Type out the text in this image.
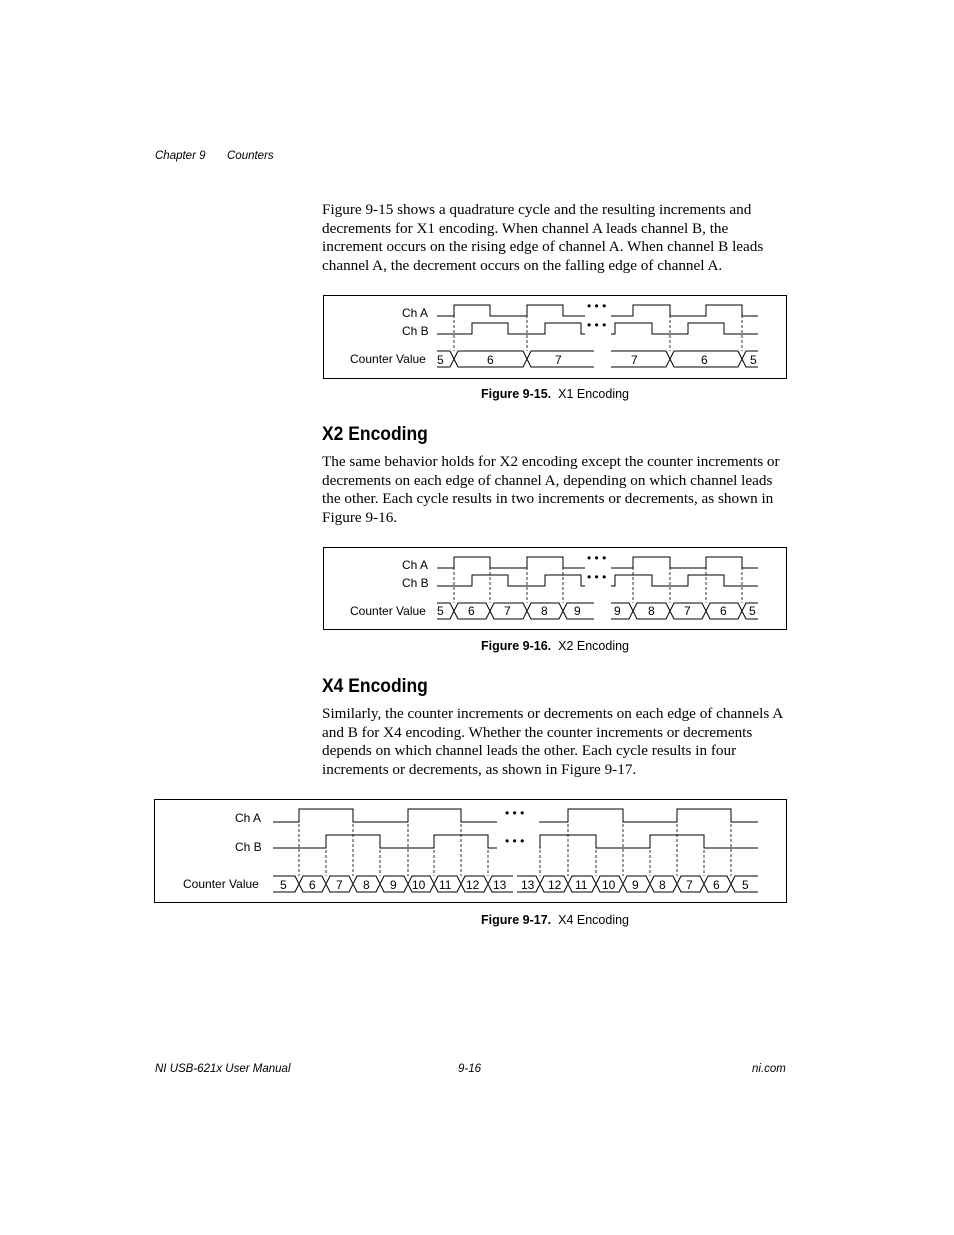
Chapter 9 Counters
Figure 9-15 shows a quadrature cycle and the resulting increments and decrements for X1 encoding. When channel A leads channel B, the increment occurs on the rising edge of channel A. When channel B leads channel A, the decrement occurs on the falling edge of channel A.
Ch A
Ch B
Counter Value
• • •
• • •
5	6	7	7	6	5
Figure 9-15. X1 Encoding
X2 Encoding
The same behavior holds for X2 encoding except the counter increments or decrements on each edge of channel A, depending on which channel leads the other. Each cycle results in two increments or decrements, as shown in Figure 9-16.
Ch A
Ch B
Counter Value
• • •
• • •
5 6 7	8 9	9 8 7 6 5
Figure 9-16. X2 Encoding
X4 Encoding
Similarly, the counter increments or decrements on each edge of channels A and B for X4 encoding. Whether the counter increments or decrements depends on which channel leads the other. Each cycle results in four increments or decrements, as shown in Figure 9-17.
Ch A
Ch B
Counter Value
• • •
• • •
5 6 7 8 9 10 11 12 13 13 12 11 10 9 8 7 6 5
Figure 9-17. X4 Encoding
NI USB-621x User Manual	9-16	ni.com
